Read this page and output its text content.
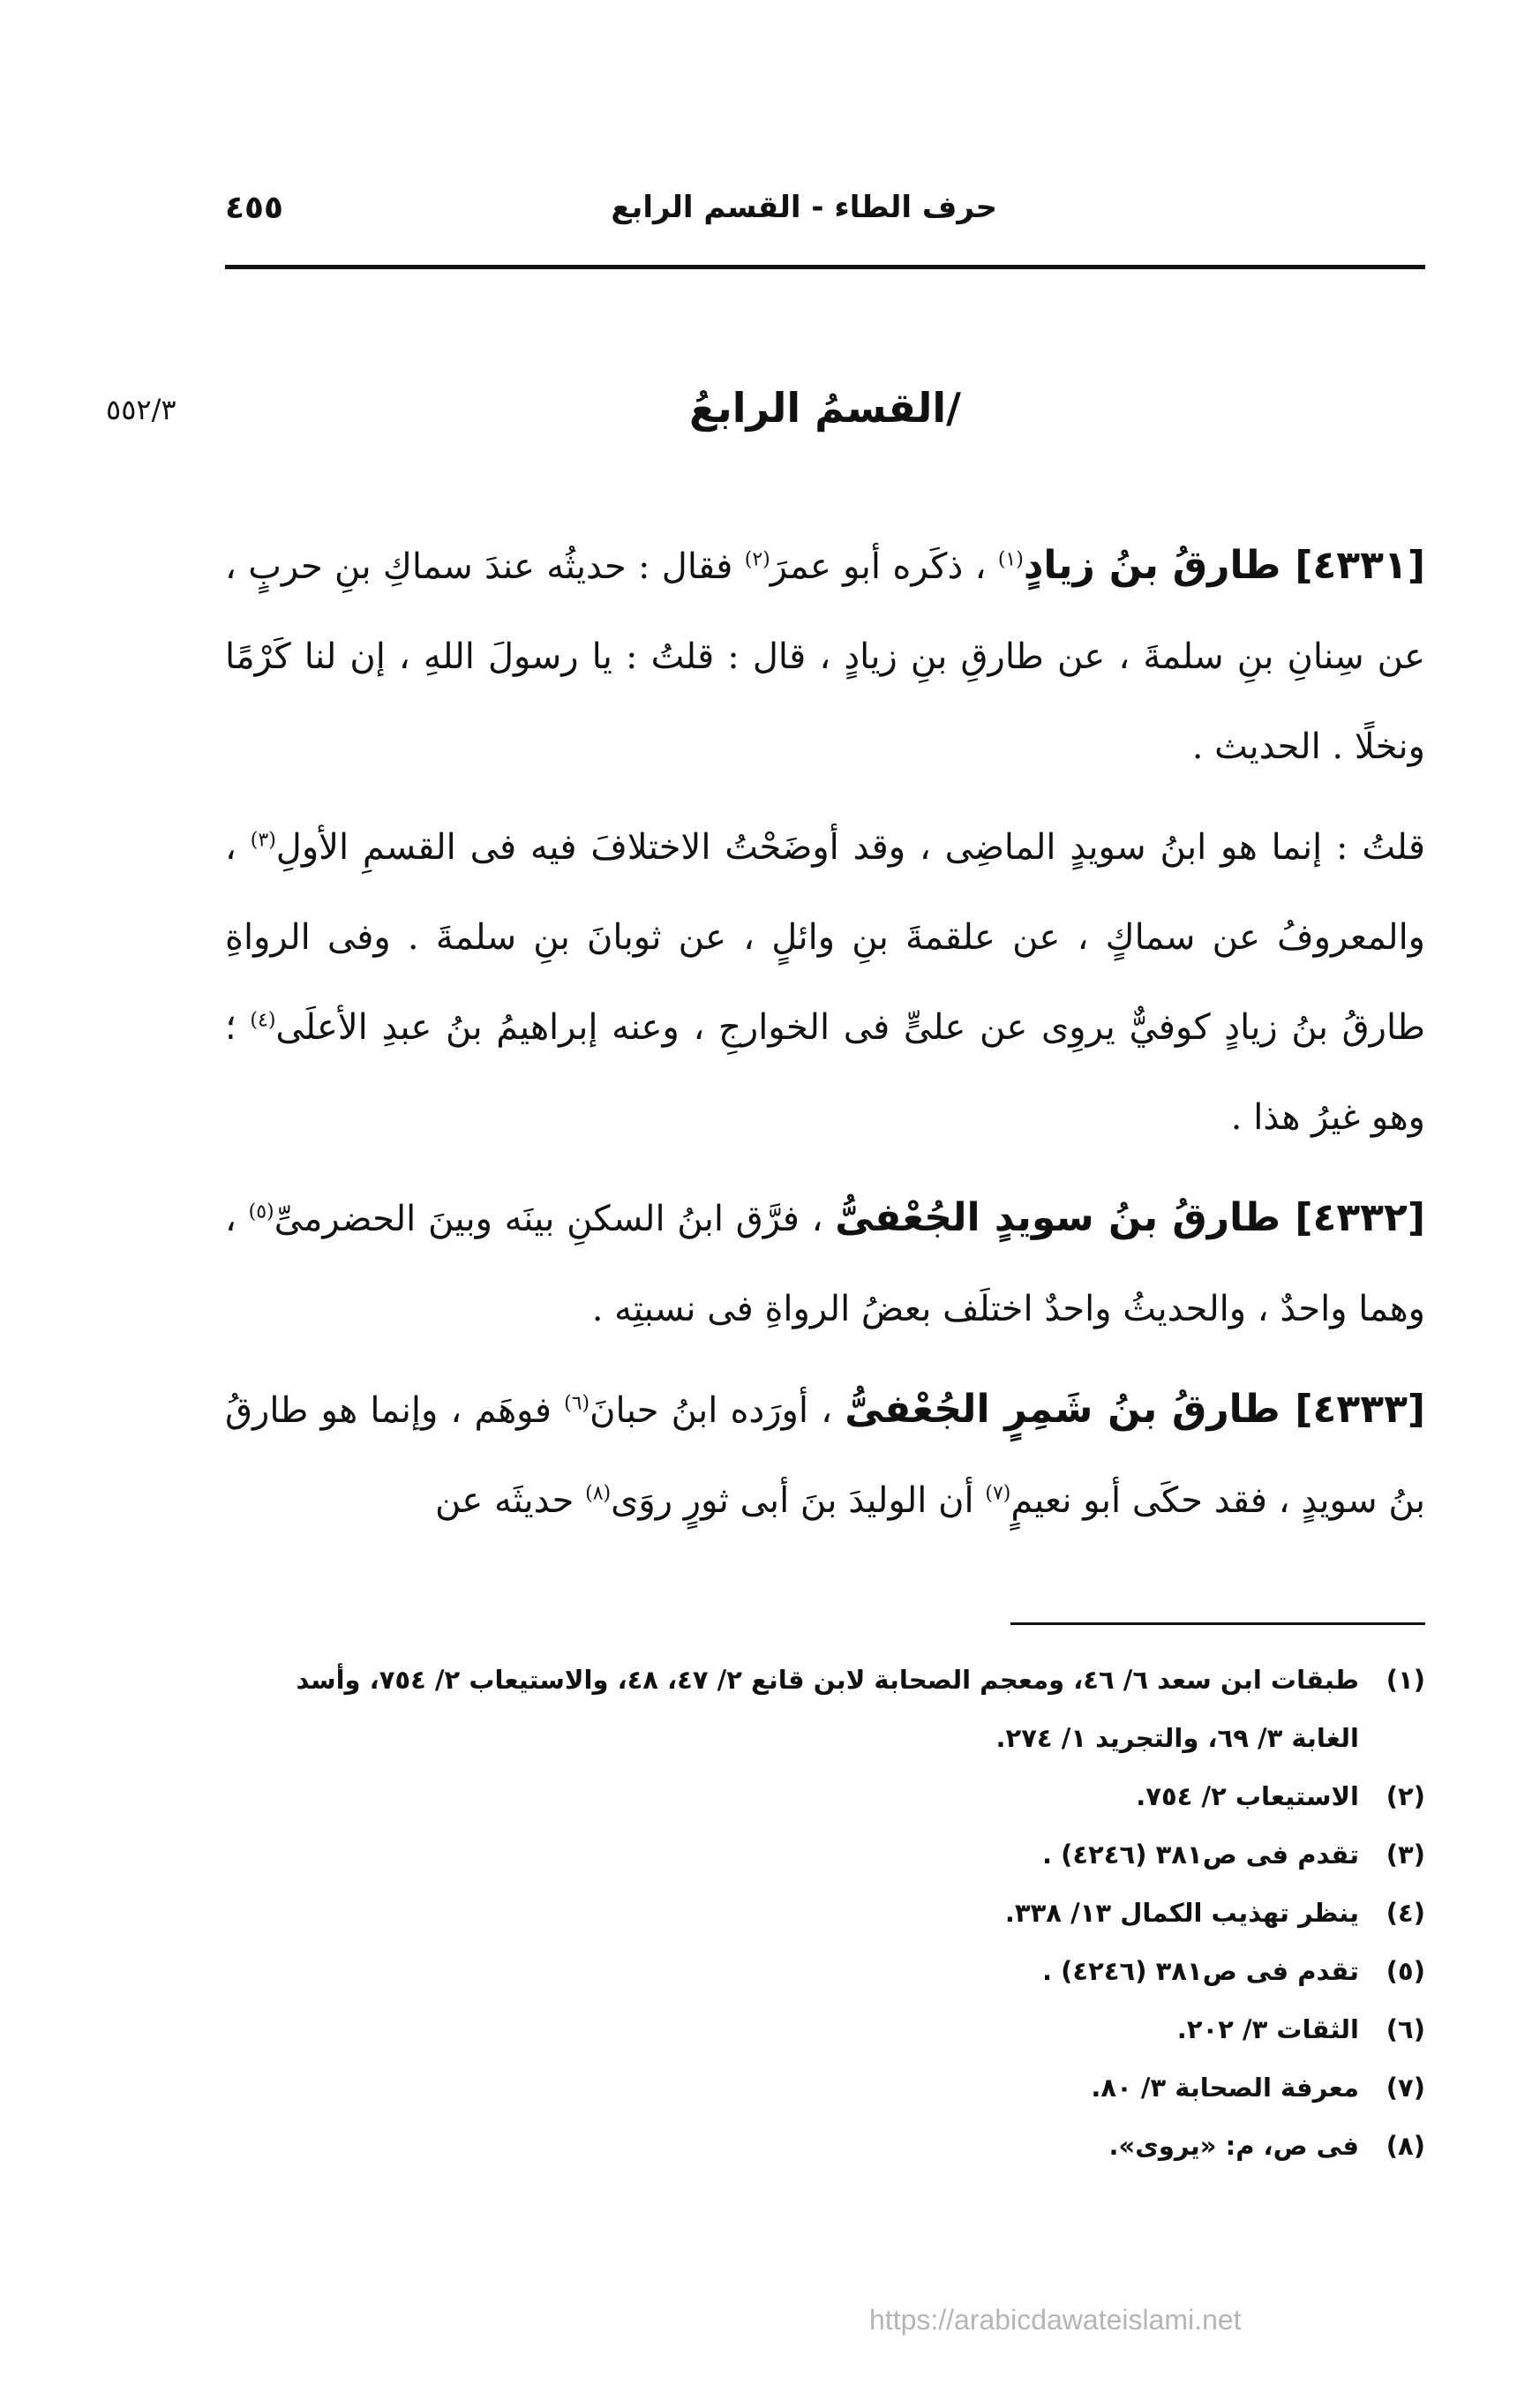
حرف الطاء - القسم الرابع
٤٥٥
٥٥٢/٣	/القسمُ الرابعُ

[٤٣٣١] طارقُ بنُ زيادٍ$^{(١)}$ ، ذكَره أبو عمرَ$^{(٢)}$ فقال : حديثُه عندَ سماكِ بنِ حربٍ ، عن سِنانِ بنِ سلمةَ ، عن طارقِ بنِ زيادٍ ، قال : قلتُ : يا رسولَ اللهِ ، إن لنا كَرْمًا ونخلًا . الحديث .

قلتُ : إنما هو ابنُ سويدٍ الماضِى ، وقد أوضَحْتُ الاختلافَ فيه فى القسمِ الأولِ$^{(٣)}$ ، والمعروفُ عن سماكٍ ، عن علقمةَ بنِ وائلٍ ، عن ثوبانَ بنِ سلمةَ . وفى الرواةِ طارقُ بنُ زيادٍ كوفيٌّ يروِى عن علىٍّ فى الخوارجِ ، وعنه إبراهيمُ بنُ عبدِ الأعلَى$^{(٤)}$ ؛ وهو غيرُ هذا .

[٤٣٣٢] طارقُ بنُ سويدٍ الجُعْفىُّ ، فرَّق ابنُ السكنِ بينَه وبينَ الحضرمىِّ$^{(٥)}$ ، وهما واحدٌ ، والحديثُ واحدٌ اختلَف بعضُ الرواةِ فى نسبتِه .

[٤٣٣٣] طارقُ بنُ شَمِرٍ الجُعْفىُّ ، أورَده ابنُ حبانَ$^{(٦)}$ فوهَم ، وإنما هو طارقُ بنُ سويدٍ ، فقد حكَى أبو نعيمٍ$^{(٧)}$ أن الوليدَ بنَ أبى ثورٍ روَى$^{(٨)}$ حديثَه عن

(١)طبقات ابن سعد ٦/ ٤٦، ومعجم الصحابة لابن قانع ٢/ ٤٧، ٤٨، والاستيعاب ٢/ ٧٥٤، وأسد الغابة ٣/ ٦٩، والتجريد ١/ ٢٧٤.

(٢)الاستيعاب ٢/ ٧٥٤.

(٣)تقدم فى ص٣٨١ (٤٢٤٦) .

(٤)ينظر تهذيب الكمال ١٣/ ٣٣٨.

(٥)تقدم فى ص٣٨١ (٤٢٤٦) .

(٦)الثقات ٣/ ٢٠٢.

(٧)معرفة الصحابة ٣/ ٨٠.

(٨)فى ص، م: «يروى».

https://arabicdawateislami.net
